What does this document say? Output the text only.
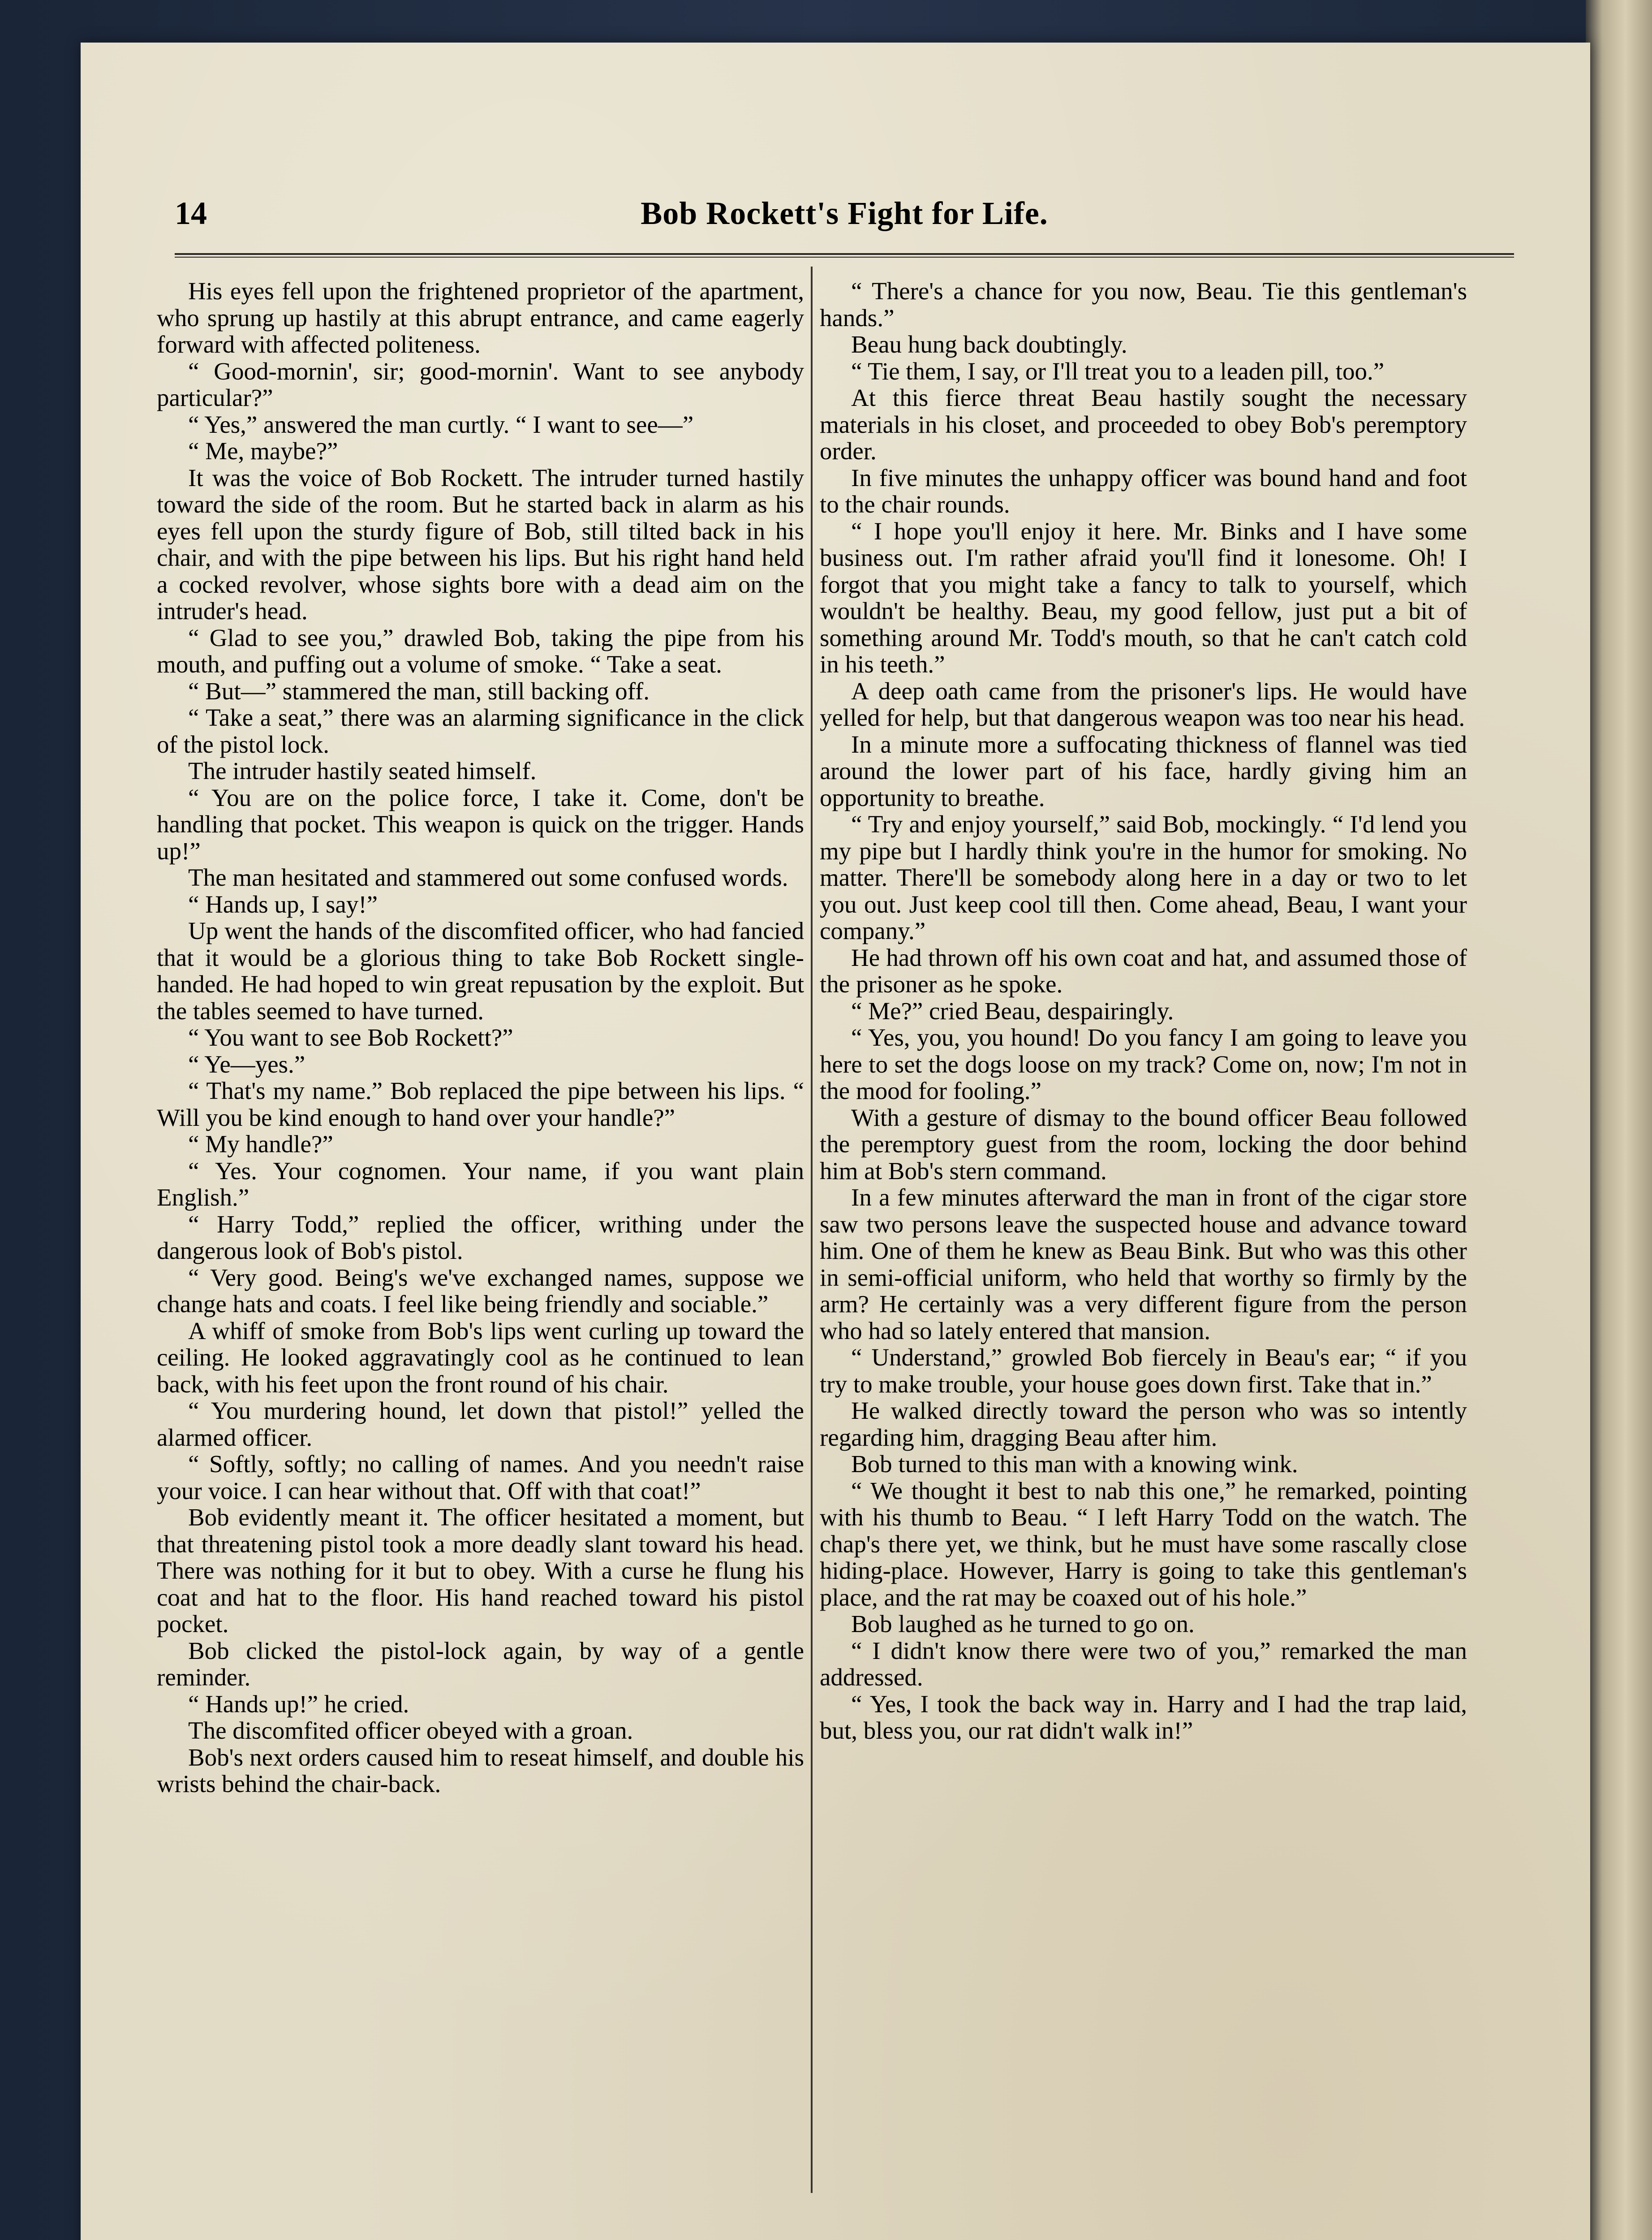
14	Bob Rockett's Fight for Life.

His eyes fell upon the frightened proprietor of the apartment, who sprung up hastily at this abrupt entrance, and came eagerly forward with affected politeness.

“ Good-mornin', sir; good-mornin'. Want to see anybody particular?”

“ Yes,” answered the man curtly. “ I want to see—”

“ Me, maybe?”

It was the voice of Bob Rockett. The intruder turned hastily toward the side of the room. But he started back in alarm as his eyes fell upon the sturdy figure of Bob, still tilted back in his chair, and with the pipe between his lips. But his right hand held a cocked revolver, whose sights bore with a dead aim on the intruder's head.

“ Glad to see you,” drawled Bob, taking the pipe from his mouth, and puffing out a volume of smoke. “ Take a seat.

“ But—” stammered the man, still backing off.

“ Take a seat,” there was an alarming significance in the click of the pistol lock.

The intruder hastily seated himself.

“ You are on the police force, I take it. Come, don't be handling that pocket. This weapon is quick on the trigger. Hands up!”

The man hesitated and stammered out some confused words.

“ Hands up, I say!”

Up went the hands of the discomfited officer, who had fancied that it would be a glorious thing to take Bob Rockett single-handed. He had hoped to win great repusation by the exploit. But the tables seemed to have turned.

“ You want to see Bob Rockett?”

“ Ye—yes.”

“ That's my name.” Bob replaced the pipe between his lips. “ Will you be kind enough to hand over your handle?”

“ My handle?”

“ Yes. Your cognomen. Your name, if you want plain English.”

“ Harry Todd,” replied the officer, writhing under the dangerous look of Bob's pistol.

“ Very good. Being's we've exchanged names, suppose we change hats and coats. I feel like being friendly and sociable.”

A whiff of smoke from Bob's lips went curling up toward the ceiling. He looked aggravatingly cool as he continued to lean back, with his feet upon the front round of his chair.

“ You murdering hound, let down that pistol!” yelled the alarmed officer.

“ Softly, softly; no calling of names. And you needn't raise your voice. I can hear without that. Off with that coat!”

Bob evidently meant it. The officer hesitated a moment, but that threatening pistol took a more deadly slant toward his head. There was nothing for it but to obey. With a curse he flung his coat and hat to the floor. His hand reached toward his pistol pocket.

Bob clicked the pistol-lock again, by way of a gentle reminder.

“ Hands up!” he cried.

The discomfited officer obeyed with a groan.

Bob's next orders caused him to reseat himself, and double his wrists behind the chair-back.

“ There's a chance for you now, Beau. Tie this gentleman's hands.”

Beau hung back doubtingly.

“ Tie them, I say, or I'll treat you to a leaden pill, too.”

At this fierce threat Beau hastily sought the necessary materials in his closet, and proceeded to obey Bob's peremptory order.

In five minutes the unhappy officer was bound hand and foot to the chair rounds.

“ I hope you'll enjoy it here. Mr. Binks and I have some business out. I'm rather afraid you'll find it lonesome. Oh! I forgot that you might take a fancy to talk to yourself, which wouldn't be healthy. Beau, my good fellow, just put a bit of something around Mr. Todd's mouth, so that he can't catch cold in his teeth.”

A deep oath came from the prisoner's lips. He would have yelled for help, but that dangerous weapon was too near his head.

In a minute more a suffocating thickness of flannel was tied around the lower part of his face, hardly giving him an opportunity to breathe.

“ Try and enjoy yourself,” said Bob, mockingly. “ I'd lend you my pipe but I hardly think you're in the humor for smoking. No matter. There'll be somebody along here in a day or two to let you out. Just keep cool till then. Come ahead, Beau, I want your company.”

He had thrown off his own coat and hat, and assumed those of the prisoner as he spoke.

“ Me?” cried Beau, despairingly.

“ Yes, you, you hound! Do you fancy I am going to leave you here to set the dogs loose on my track? Come on, now; I'm not in the mood for fooling.”

With a gesture of dismay to the bound officer Beau followed the peremptory guest from the room, locking the door behind him at Bob's stern command.

In a few minutes afterward the man in front of the cigar store saw two persons leave the suspected house and advance toward him. One of them he knew as Beau Bink. But who was this other in semi-official uniform, who held that worthy so firmly by the arm? He certainly was a very different figure from the person who had so lately entered that mansion.

“ Understand,” growled Bob fiercely in Beau's ear; “ if you try to make trouble, your house goes down first. Take that in.”

He walked directly toward the person who was so intently regarding him, dragging Beau after him.

Bob turned to this man with a knowing wink.

“ We thought it best to nab this one,” he remarked, pointing with his thumb to Beau. “ I left Harry Todd on the watch. The chap's there yet, we think, but he must have some rascally close hiding-place. However, Harry is going to take this gentleman's place, and the rat may be coaxed out of his hole.”

Bob laughed as he turned to go on.

“ I didn't know there were two of you,” remarked the man addressed.

“ Yes, I took the back way in. Harry and I had the trap laid, but, bless you, our rat didn't walk in!”
